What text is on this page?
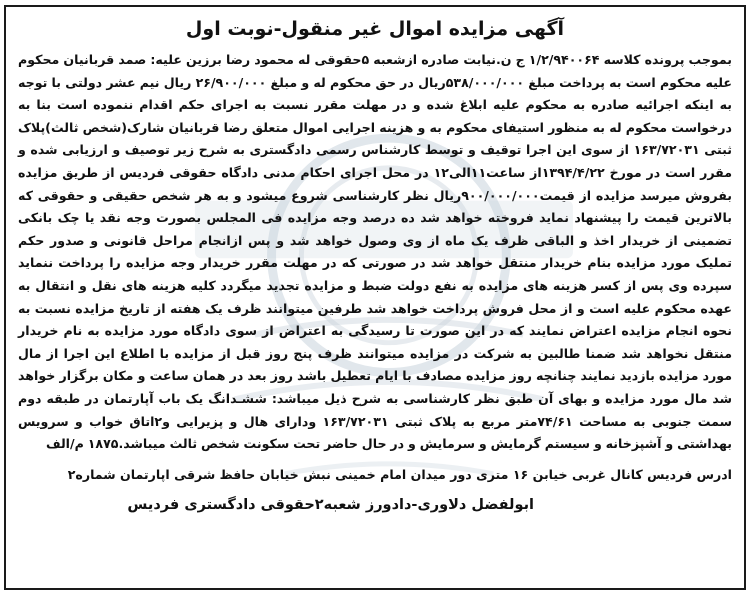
آگهی مزایده اموال غیر منقول-نوبت اول

بموجب پرونده کلاسه ۱/۲/۹۴۰۰۶۴ ج ن.نیابت صادره ازشعبه ۵حقوقی له محمود رضا برزین علیه: صمد قربانیان محکوم علیه محکوم است به پرداخت مبلغ ۵۳۸/۰۰۰/۰۰۰ریال در حق محکوم له و مبلغ ۲۶/۹۰۰/۰۰۰ ریال نیم عشر دولتی با توجه به اینکه اجرائیه صادره به محکوم علیه ابلاغ شده و در مهلت مقرر نسبت به اجرای حکم اقدام ننموده است بنا به درخواست محکوم له به منظور استیفای محکوم به و هزینه اجرایی اموال متعلق رضا قربانیان شارک(شخص ثالث)پلاک ثبتی ۱۶۳/۷۲۰۳۱ از سوی این اجرا توقیف و توسط کارشناس رسمی دادگستری به شرح زیر توصیف و ارزیابی شده و مقرر است در مورخ ۱۳۹۴/۴/۲۲از ساعت۱۱الی۱۲ در محل اجرای احکام مدنی دادگاه حقوقی فردیس از طریق مزایده بفروش میرسد مزایده از قیمت۹۰۰/۰۰۰/۰۰۰ریال نظر کارشناسی شروع میشود و به هر شخص حقیقی و حقوقی که بالاترین قیمت را پیشنهاد نماید فروخته خواهد شد ده درصد وجه مزایده فی المجلس بصورت وجه نقد یا چک بانکی تضمینی از خریدار اخذ و الباقی ظرف یک ماه از وی وصول خواهد شد و پس ازانجام مراحل قانونی و صدور حکم تملیک مورد مزایده بنام خریدار منتقل خواهد شد در صورتی که در مهلت مقرر خریدار وجه مزایده را پرداخت ننماید سپرده وی پس از کسر هزینه های مزایده به نفع دولت ضبط و مزایده تجدید میگردد کلیه هزینه های نقل و انتقال به عهده محکوم علیه است و از محل فروش پرداخت خواهد شد طرفین میتوانند ظرف یک هفته از تاریخ مزایده نسبت به نحوه انجام مزایده اعتراض نمایند که در این صورت تا رسیدگی به اعتراض از سوی دادگاه مورد مزایده به نام خریدار منتقل نخواهد شد ضمنا طالبین به شرکت در مزایده میتوانند ظرف پنج روز قبل از مزایده با اطلاع این اجرا از مال مورد مزایده بازدید نمایند چنانچه روز مزایده مصادف با ایام تعطیل باشد روز بعد در همان ساعت و مکان برگزار خواهد شد مال مورد مزایده و بهای آن طبق نظر کارشناسی به شرح ذیل میباشد: ششـدانگ یک باب آپارتمان در طبقه دوم سمت جنوبی به مساحت ۷۴/۶۱متر مربع به پلاک ثبتی ۱۶۳/۷۲۰۳۱ ودارای هال و پزیرایی و۲اتاق خواب و سرویس بهداشتی و آشپزخانه و سیستم گرمایش و سرمایش و در حال حاضر تحت سکونت شخص ثالث میباشد.۱۸۷۵ م/الف

ادرس فردیس کانال غربی خیابن ۱۶ متری دور میدان امام خمینی نبش خیابان حافظ شرقی اپارتمان شماره۲
ابولفضل دلاوری-دادورز شعبه۲حقوقی دادگستری فردیس
